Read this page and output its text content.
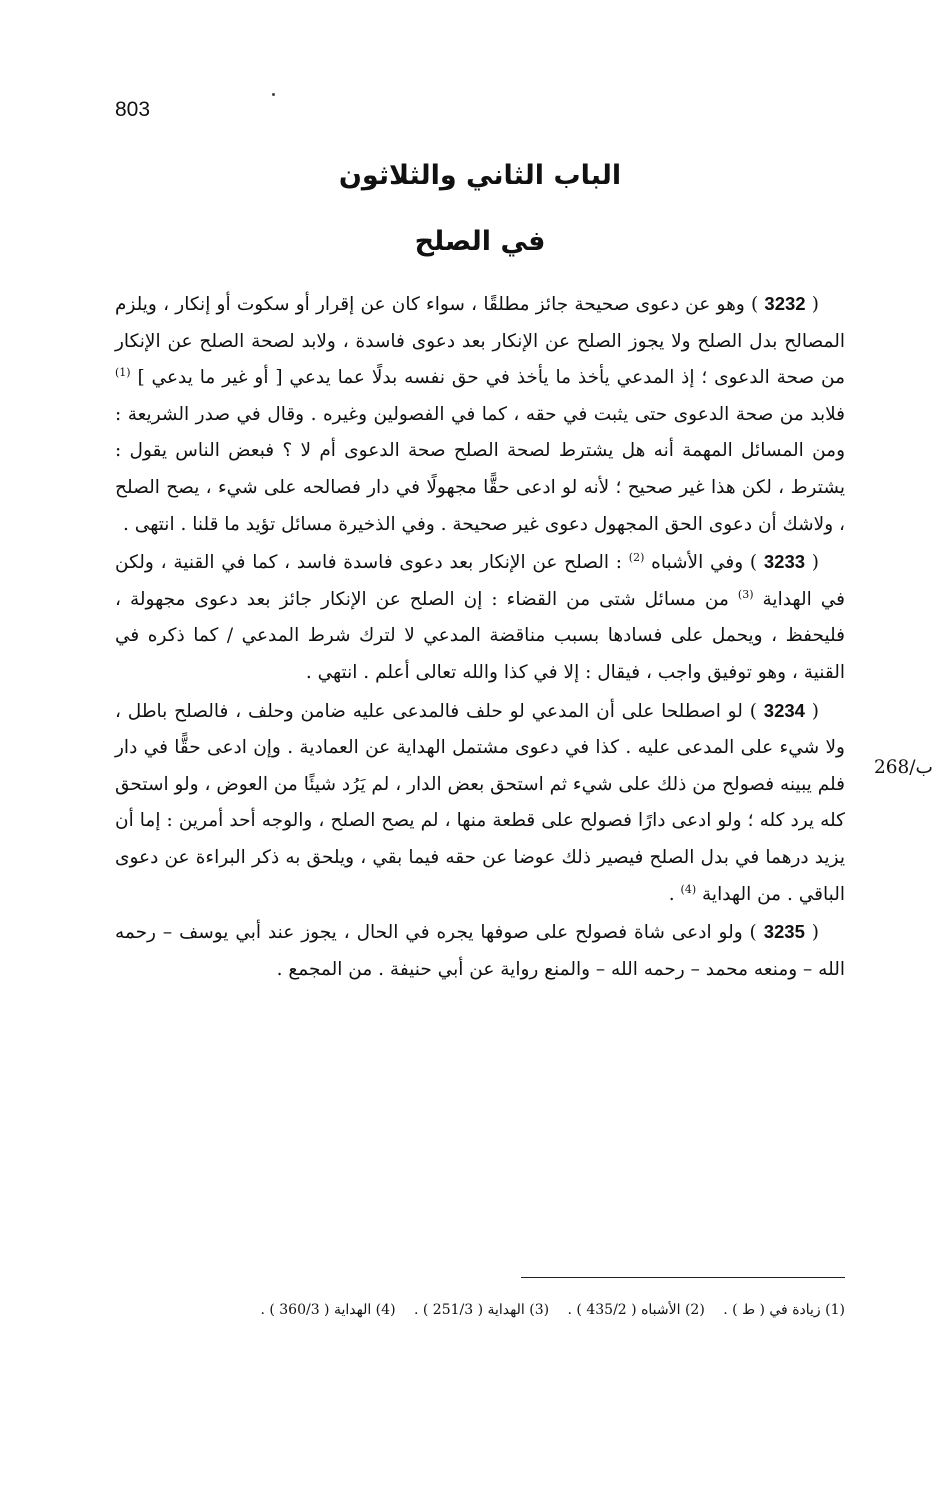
803
الباب الثاني والثلاثون
في الصلح

( 3232 ) وهو عن دعوى صحيحة جائز مطلقًا ، سواء كان عن إقرار أو سكوت أو إنكار ، ويلزم المصالح بدل الصلح ولا يجوز الصلح عن الإنكار بعد دعوى فاسدة ، ولابد لصحة الصلح عن الإنكار من صحة الدعوى ؛ إذ المدعي يأخذ ما يأخذ في حق نفسه بدلًا عما يدعي [ أو غير ما يدعي ] $^{(1)}$ فلابد من صحة الدعوى حتى يثبت في حقه ، كما في الفصولين وغيره . وقال في صدر الشريعة : ومن المسائل المهمة أنه هل يشترط لصحة الصلح صحة الدعوى أم لا ؟ فبعض الناس يقول : يشترط ، لكن هذا غير صحيح ؛ لأنه لو ادعى حقًّا مجهولًا في دار فصالحه على شيء ، يصح الصلح ، ولاشك أن دعوى الحق المجهول دعوى غير صحيحة . وفي الذخيرة مسائل تؤيد ما قلنا . انتهى .

( 3233 ) وفي الأشباه $^{(2)}$ : الصلح عن الإنكار بعد دعوى فاسدة فاسد ، كما في القنية ، ولكن في الهداية $^{(3)}$ من مسائل شتى من القضاء : إن الصلح عن الإنكار جائز بعد دعوى مجهولة ، فليحفظ ، ويحمل على فسادها بسبب مناقضة المدعي لا لترك شرط المدعي / كما ذكره في القنية ، وهو توفيق واجب ، فيقال : إلا في كذا والله تعالى أعلم . انتهي .

( 3234 ) لو اصطلحا على أن المدعي لو حلف فالمدعى عليه ضامن وحلف ، فالصلح باطل ، ولا شيء على المدعى عليه . كذا في دعوى مشتمل الهداية عن العمادية . وإن ادعى حقًّا في دار فلم يبينه فصولح من ذلك على شيء ثم استحق بعض الدار ، لم يَرُد شيئًا من العوض ، ولو استحق كله يرد كله ؛ ولو ادعى دارًا فصولح على قطعة منها ، لم يصح الصلح ، والوجه أحد أمرين : إما أن يزيد درهما في بدل الصلح فيصير ذلك عوضا عن حقه فيما بقي ، ويلحق به ذكر البراءة عن دعوى الباقي . من الهداية $^{(4)}$ .

( 3235 ) ولو ادعى شاة فصولح على صوفها يجره في الحال ، يجوز عند أبي يوسف – رحمه الله – ومنعه محمد – رحمه الله – والمنع رواية عن أبي حنيفة . من المجمع .

268/ب
(1) زيادة في ( ط ) . (2) الأشباه ( 435/2 ) . (3) الهداية ( 251/3 ) . (4) الهداية ( 360/3 ) .
